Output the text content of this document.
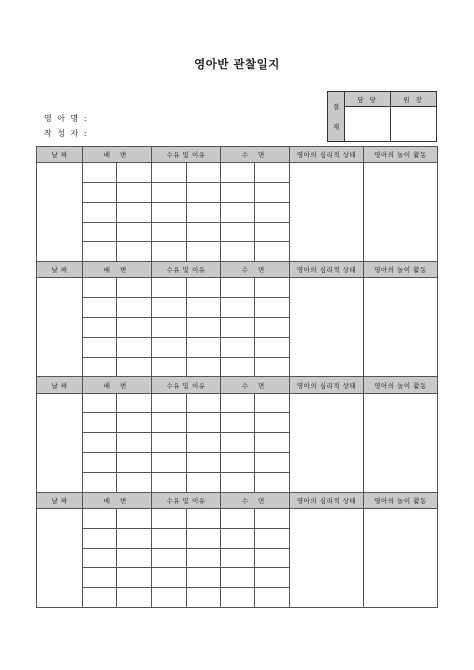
영아반 관찰일지
영 아 명 :
작 성 자 :
결
재	담 당	원 장

날 짜	배 변		수유 및 이유		수 면		영아의 심리적 상태	영아의 놀이 활동

날 짜	배 변		수유 및 이유		수 면		영아의 심리적 상태	영아의 놀이 활동

날 짜	배 변		수유 및 이유		수 면		영아의 심리적 상태	영아의 놀이 활동

날 짜	배 변		수유 및 이유		수 면		영아의 심리적 상태	영아의 놀이 활동
